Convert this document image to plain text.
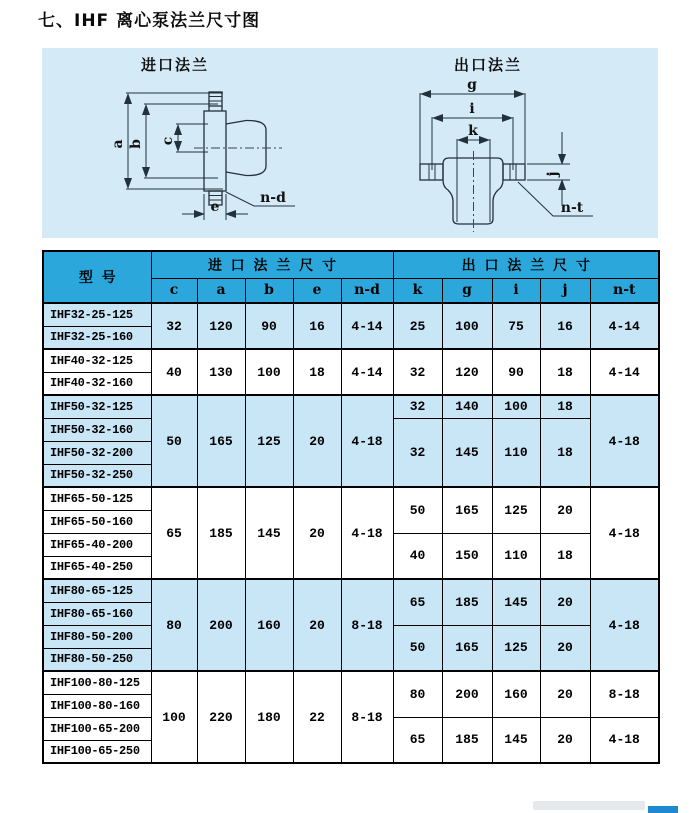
七、IHF 离心泵法兰尺寸图
进口法兰
a b c
e
n-d
出口法兰
g
i
k
j
n-t
型 号	进 口 法 兰 尺 寸					出 口 法 兰 尺 寸				
	c	a	b	e	n-d	k	g	i	j	n-t
IHF32-25-125	32	120	90	16	4-14	25	100	75	16	4-14
IHF32-25-160										
IHF40-32-125	40	130	100	18	4-14	32	120	90	18	4-14
IHF40-32-160										
IHF50-32-125	50	165	125	20	4-18	32	140	100	18	4-18
IHF50-32-160						32	145	110	18	
IHF50-32-200										
IHF50-32-250										
IHF65-50-125	65	185	145	20	4-18	50	165	125	20	4-18
IHF65-50-160										
IHF65-40-200						40	150	110	18	
IHF65-40-250										
IHF80-65-125	80	200	160	20	8-18	65	185	145	20	4-18
IHF80-65-160										
IHF80-50-200						50	165	125	20	
IHF80-50-250										
IHF100-80-125	100	220	180	22	8-18	80	200	160	20	8-18
IHF100-80-160										
IHF100-65-200						65	185	145	20	4-18
IHF100-65-250										
